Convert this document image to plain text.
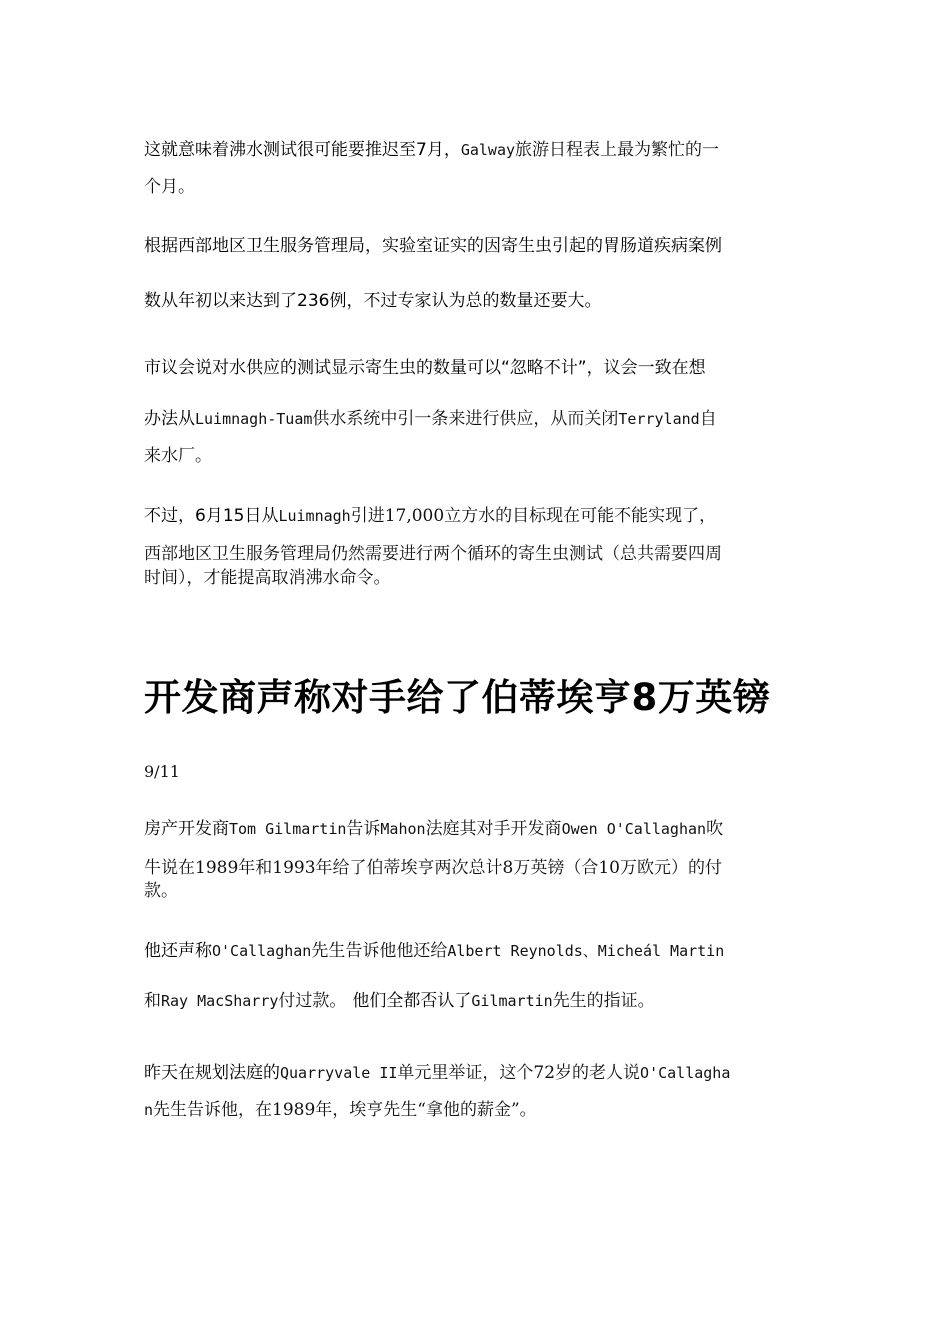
这就意味着沸水测试很可能要推迟至7月，Galway旅游日程表上最为繁忙的一
个月。
根据西部地区卫生服务管理局，实验室证实的因寄生虫引起的胃肠道疾病案例
数从年初以来达到了236例，不过专家认为总的数量还要大。
市议会说对水供应的测试显示寄生虫的数量可以“忽略不计”，议会一致在想
办法从Luimnagh-Tuam供水系统中引一条来进行供应，从而关闭Terryland自
来水厂。
不过，6月15日从Luimnagh引进17,000立方水的目标现在可能不能实现了，
西部地区卫生服务管理局仍然需要进行两个循环的寄生虫测试（总共需要四周
时间），才能提高取消沸水命令。
开发商声称对手给了伯蒂埃亨8万英镑
9/11
房产开发商Tom Gilmartin告诉Mahon法庭其对手开发商Owen O'Callaghan吹
牛说在1989年和1993年给了伯蒂埃亨两次总计8万英镑（合10万欧元）的付
款。
他还声称O'Callaghan先生告诉他他还给Albert Reynolds、Micheál Martin
和Ray MacSharry付过款。 他们全都否认了Gilmartin先生的指证。
昨天在规划法庭的Quarryvale II单元里举证，这个72岁的老人说O'Callagha
n先生告诉他，在1989年，埃亨先生“拿他的薪金”。
